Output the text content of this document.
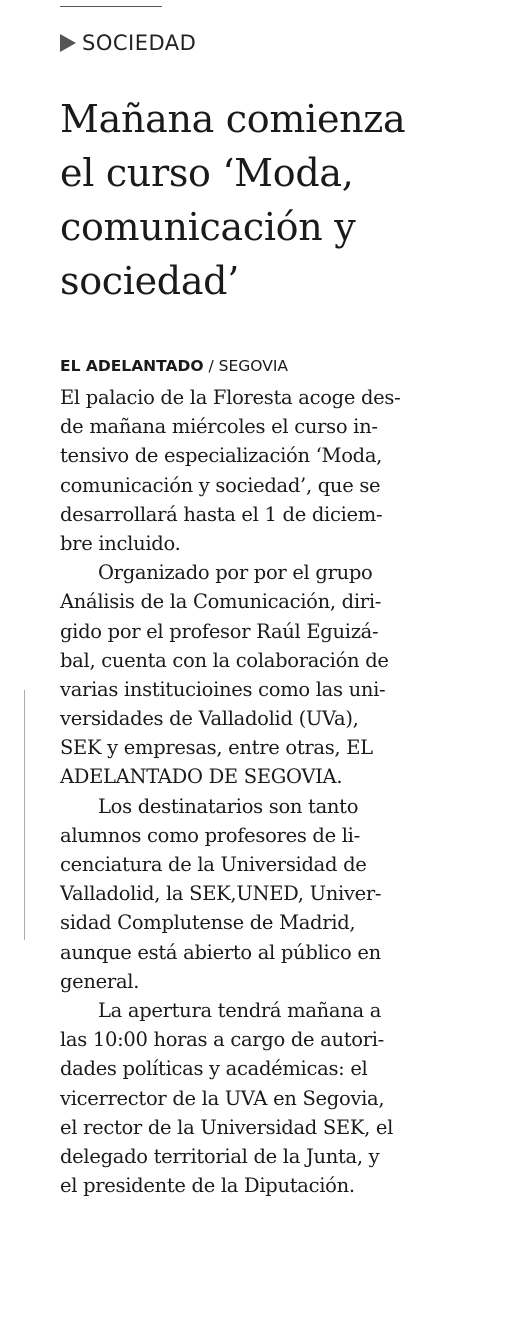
SOCIEDAD
Mañana comienza
el curso ‘Moda,
comunicación y
sociedad’
EL ADELANTADO / SEGOVIA
El palacio de la Floresta acoge des-
de mañana miércoles el curso in-
tensivo de especialización ‘Moda,
comunicación y sociedad’, que se
desarrollará hasta el 1 de diciem-
bre incluido.
Organizado por por el grupo
Análisis de la Comunicación, diri-
gido por el profesor Raúl Eguizá-
bal, cuenta con la colaboración de
varias institucioines como las uni-
versidades de Valladolid (UVa),
SEK y empresas, entre otras, EL
ADELANTADO DE SEGOVIA.
Los destinatarios son tanto
alumnos como profesores de li-
cenciatura de la Universidad de
Valladolid, la SEK,UNED, Univer-
sidad Complutense de Madrid,
aunque está abierto al público en
general.
La apertura tendrá mañana a
las 10:00 horas a cargo de autori-
dades políticas y académicas: el
vicerrector de la UVA en Segovia,
el rector de la Universidad SEK, el
delegado territorial de la Junta, y
el presidente de la Diputación.
